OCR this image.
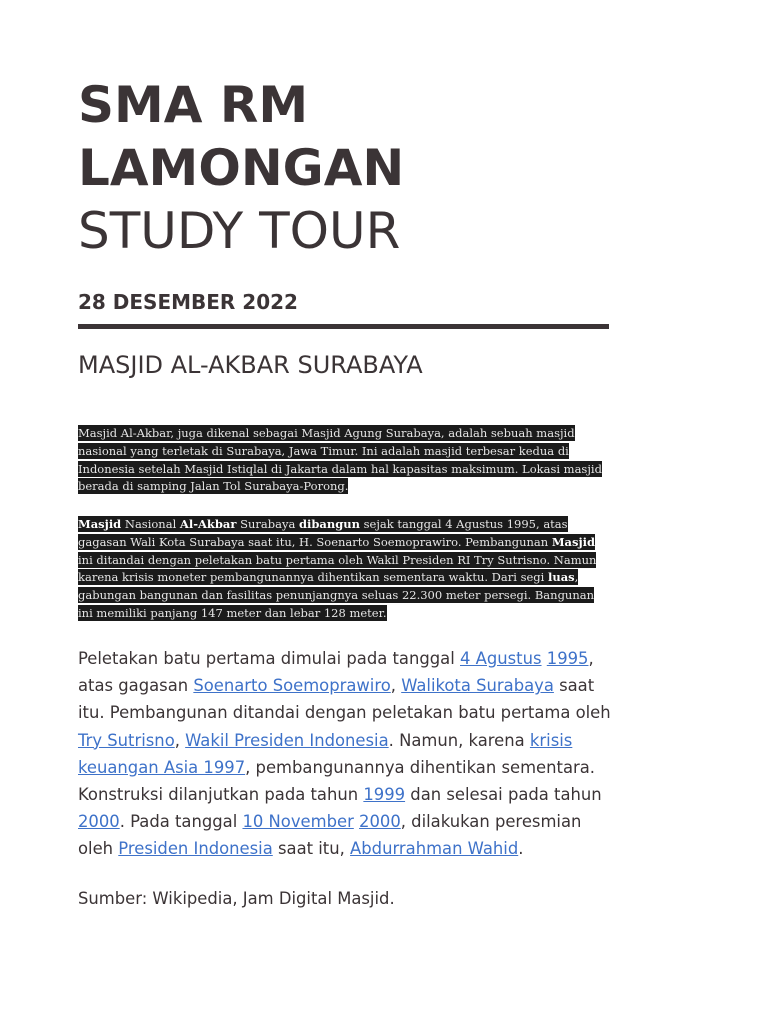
SMA RM
LAMONGAN
STUDY TOUR
28 DESEMBER 2022
MASJID AL-AKBAR SURABAYA

Masjid Al-Akbar, juga dikenal sebagai Masjid Agung Surabaya, adalah sebuah masjid nasional yang terletak di Surabaya, Jawa Timur. Ini adalah masjid terbesar kedua di Indonesia setelah Masjid Istiqlal di Jakarta dalam hal kapasitas maksimum. Lokasi masjid berada di samping Jalan Tol Surabaya-Porong.

Masjid Nasional Al-Akbar Surabaya dibangun sejak tanggal 4 Agustus 1995, atas gagasan Wali Kota Surabaya saat itu, H. Soenarto Soemoprawiro. Pembangunan Masjid ini ditandai dengan peletakan batu pertama oleh Wakil Presiden RI Try Sutrisno. Namun karena krisis moneter pembangunannya dihentikan sementara waktu. Dari segi luas, gabungan bangunan dan fasilitas penunjangnya seluas 22.300 meter persegi. Bangunan ini memiliki panjang 147 meter dan lebar 128 meter.

Peletakan batu pertama dimulai pada tanggal 4 Agustus 1995, atas gagasan Soenarto Soemoprawiro, Walikota Surabaya saat itu. Pembangunan ditandai dengan peletakan batu pertama oleh Try Sutrisno, Wakil Presiden Indonesia. Namun, karena krisis keuangan Asia 1997, pembangunannya dihentikan sementara. Konstruksi dilanjutkan pada tahun 1999 dan selesai pada tahun 2000. Pada tanggal 10 November 2000, dilakukan peresmian oleh Presiden Indonesia saat itu, Abdurrahman Wahid.

Sumber: Wikipedia, Jam Digital Masjid.
